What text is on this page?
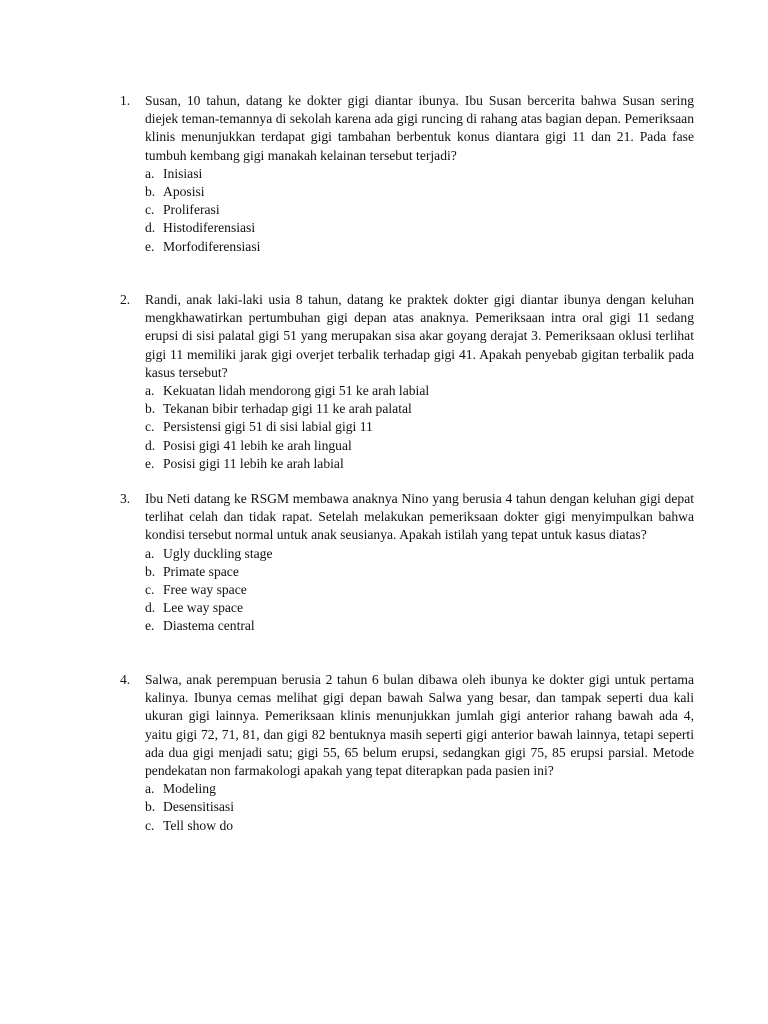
1.	Susan, 10 tahun, datang ke dokter gigi diantar ibunya. Ibu Susan bercerita bahwa Susan sering diejek teman-temannya di sekolah karena ada gigi runcing di rahang atas bagian depan. Pemeriksaan klinis menunjukkan terdapat gigi tambahan berbentuk konus diantara gigi 11 dan 21. Pada fase tumbuh kembang gigi manakah kelainan tersebut terjadi?
a. Inisiasi
b. Aposisi
c. Proliferasi
d. Histodiferensiasi
e. Morfodiferensiasi
2.	Randi, anak laki-laki usia 8 tahun, datang ke praktek dokter gigi diantar ibunya dengan keluhan mengkhawatirkan pertumbuhan gigi depan atas anaknya. Pemeriksaan intra oral gigi 11 sedang erupsi di sisi palatal gigi 51 yang merupakan sisa akar goyang derajat 3. Pemeriksaan oklusi terlihat gigi 11 memiliki jarak gigi overjet terbalik terhadap gigi 41. Apakah penyebab gigitan terbalik pada kasus tersebut?
a. Kekuatan lidah mendorong gigi 51 ke arah labial
b. Tekanan bibir terhadap gigi 11 ke arah palatal
c. Persistensi gigi 51 di sisi labial gigi 11
d. Posisi gigi 41 lebih ke arah lingual
e. Posisi gigi 11 lebih ke arah labial
3.	Ibu Neti datang ke RSGM membawa anaknya Nino yang berusia 4 tahun dengan keluhan gigi depat terlihat celah dan tidak rapat. Setelah melakukan pemeriksaan dokter gigi menyimpulkan bahwa kondisi tersebut normal untuk anak seusianya. Apakah istilah yang tepat untuk kasus diatas?
a. Ugly duckling stage
b. Primate space
c. Free way space
d. Lee way space
e. Diastema central
4.	Salwa, anak perempuan berusia 2 tahun 6 bulan dibawa oleh ibunya ke dokter gigi untuk pertama kalinya. Ibunya cemas melihat gigi depan bawah Salwa yang besar, dan tampak seperti dua kali ukuran gigi lainnya. Pemeriksaan klinis menunjukkan jumlah gigi anterior rahang bawah ada 4, yaitu gigi 72, 71, 81, dan gigi 82 bentuknya masih seperti gigi anterior bawah lainnya, tetapi seperti ada dua gigi menjadi satu; gigi 55, 65 belum erupsi, sedangkan gigi 75, 85 erupsi parsial. Metode pendekatan non farmakologi apakah yang tepat diterapkan pada pasien ini?
a. Modeling
b. Desensitisasi
c. Tell show do
